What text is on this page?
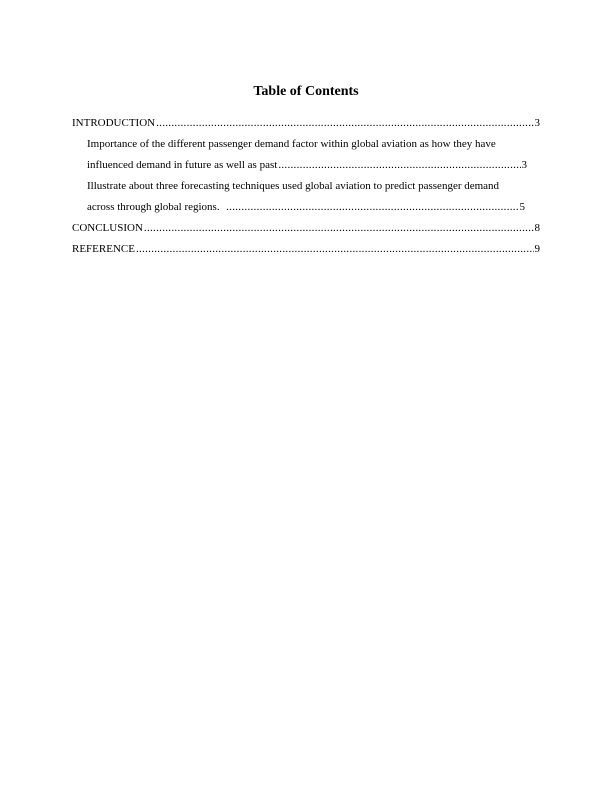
Table of Contents
INTRODUCTION .....	3
Importance of the different passenger demand factor within global aviation as how they have
influenced demand in future as well as past .....	3
Illustrate about three forecasting techniques used global aviation to predict passenger demand
across through global regions. .....	5
CONCLUSION .....	8
REFERENCE .....	9
